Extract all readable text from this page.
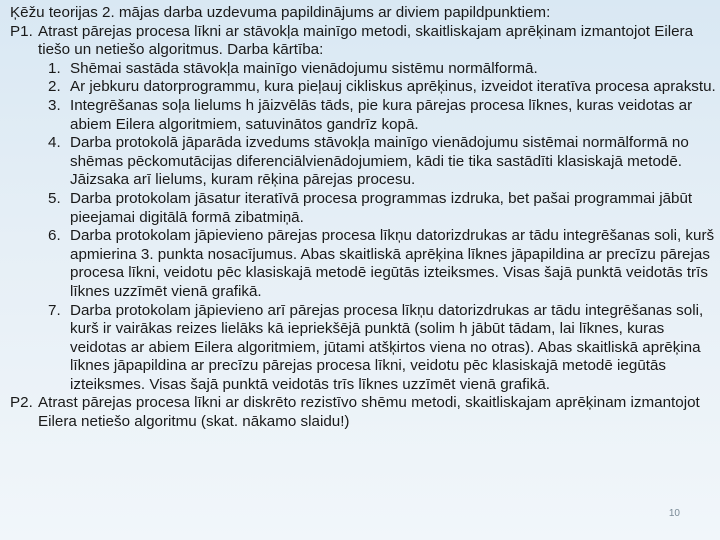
Ķēžu teorijas 2. mājas darba uzdevuma papildinājums ar diviem papildpunktiem:
P1. Atrast pārejas procesa līkni ar stāvokļa mainīgo metodi, skaitliskajam aprēķinam izmantojot Eilera tiešo un netiešo algoritmus. Darba kārtība:
1. Shēmai sastāda stāvokļa mainīgo vienādojumu sistēmu normālformā.
2. Ar jebkuru datorprogrammu, kura pieļauj cikliskus aprēķinus, izveidot iteratīva procesa aprakstu.
3. Integrēšanas soļa lielums h jāizvēlās tāds, pie kura pārejas procesa līknes, kuras veidotas ar abiem Eilera algoritmiem, satuvinātos gandrīz kopā.
4. Darba protokolā jāparāda izvedums stāvokļa mainīgo vienādojumu sistēmai normālformā no shēmas pēckomutācijas diferenciālvienādojumiem, kādi tie tika sastādīti klasiskajā metodē. Jāizsaka arī lielums, kuram rēķina pārejas procesu.
5. Darba protokolam jāsatur iteratīvā procesa programmas izdruka, bet pašai programmai jābūt pieejamai digitālā formā zibatmiņā.
6. Darba protokolam jāpievieno pārejas procesa līkņu datorizdrukas ar tādu integrēšanas soli, kurš apmierina 3. punkta nosacījumus. Abas skaitliskā aprēķina līknes jāpapildina ar precīzu pārejas procesa līkni, veidotu pēc klasiskajā metodē iegūtās izteiksmes. Visas šajā punktā veidotās trīs līknes uzzīmēt vienā grafikā.
7. Darba protokolam jāpievieno arī pārejas procesa līkņu datorizdrukas ar tādu integrēšanas soli, kurš ir vairākas reizes lielāks kā iepriekšējā punktā (solim h jābūt tādam, lai līknes, kuras veidotas ar abiem Eilera algoritmiem, jūtami atšķirtos viena no otras). Abas skaitliskā aprēķina līknes jāpapildina ar precīzu pārejas procesa līkni, veidotu pēc klasiskajā metodē iegūtās izteiksmes. Visas šajā punktā veidotās trīs līknes uzzīmēt vienā grafikā.
P2. Atrast pārejas procesa līkni ar diskrēto rezistīvo shēmu metodi, skaitliskajam aprēķinam izmantojot Eilera netiešo algoritmu (skat. nākamo slaidu!)
10
